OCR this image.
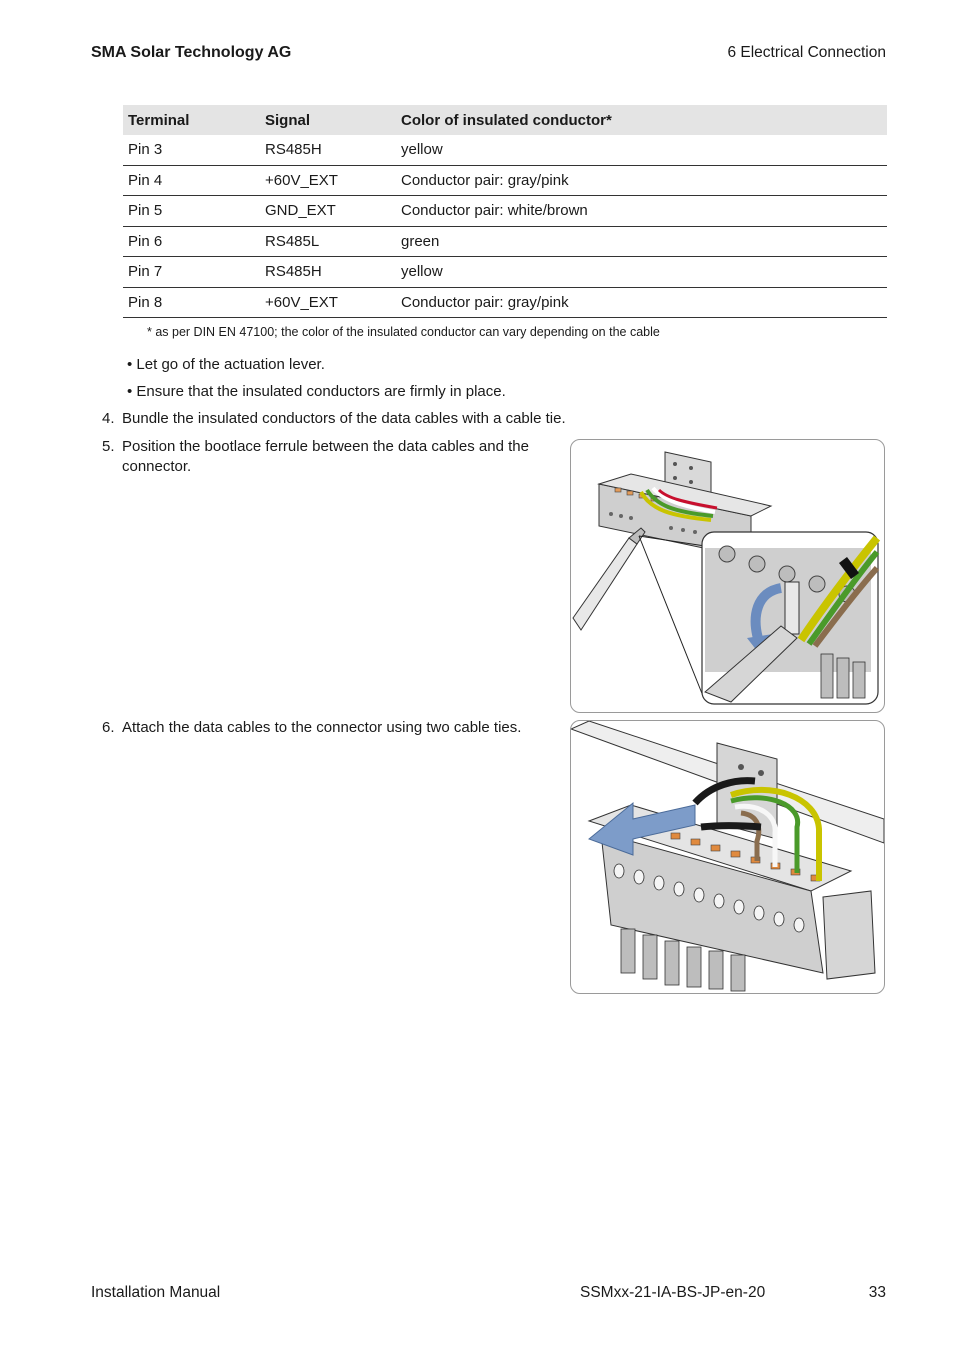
SMA Solar Technology AG	6 Electrical Connection
Terminal	Signal	Color of insulated conductor*
Pin 3	RS485H	yellow
Pin 4	+60V_EXT	Conductor pair: gray/pink
Pin 5	GND_EXT	Conductor pair: white/brown
Pin 6	RS485L	green
Pin 7	RS485H	yellow
Pin 8	+60V_EXT	Conductor pair: gray/pink
* as per DIN EN 47100; the color of the insulated conductor can vary depending on the cable
• Let go of the actuation lever.
• Ensure that the insulated conductors are firmly in place.
4. Bundle the insulated conductors of the data cables with a cable tie.
5. Position the bootlace ferrule between the data cables and the
connector.
6. Attach the data cables to the connector using two cable ties.
Installation Manual	SSMxx-21-IA-BS-JP-en-20	33
